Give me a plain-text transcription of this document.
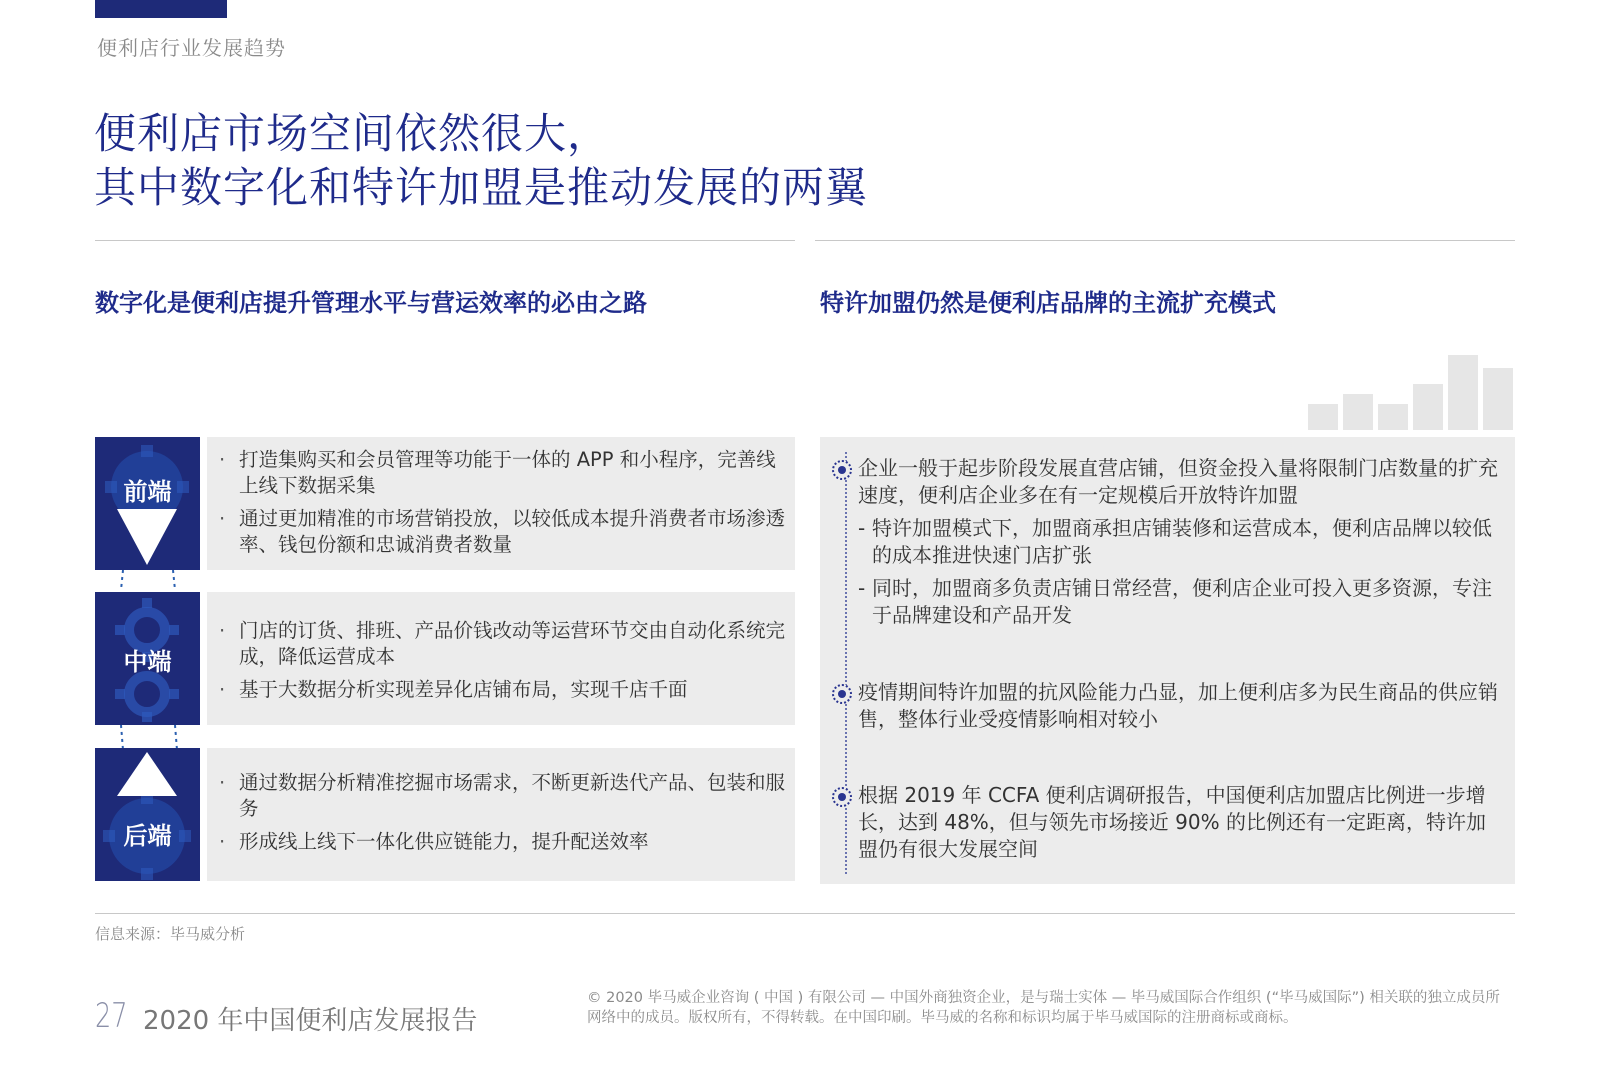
便利店行业发展趋势
便利店市场空间依然很大，
其中数字化和特许加盟是推动发展的两翼
数字化是便利店提升管理水平与营运效率的必由之路	特许加盟仍然是便利店品牌的主流扩充模式
前端
· 打造集购买和会员管理等功能于一体的 APP 和小程序，完善线上线下数据采集
· 通过更加精准的市场营销投放，以较低成本提升消费者市场渗透率、钱包份额和忠诚消费者数量
中端
· 门店的订货、排班、产品价钱改动等运营环节交由自动化系统完成，降低运营成本
· 基于大数据分析实现差异化店铺布局，实现千店千面
后端
· 通过数据分析精准挖掘市场需求，不断更新迭代产品、包装和服务
· 形成线上线下一体化供应链能力，提升配送效率
企业一般于起步阶段发展直营店铺，但资金投入量将限制门店数量的扩充速度，便利店企业多在有一定规模后开放特许加盟
- 特许加盟模式下，加盟商承担店铺装修和运营成本，便利店品牌以较低的成本推进快速门店扩张
- 同时，加盟商多负责店铺日常经营，便利店企业可投入更多资源，专注于品牌建设和产品开发
疫情期间特许加盟的抗风险能力凸显，加上便利店多为民生商品的供应销售，整体行业受疫情影响相对较小
根据 2019 年 CCFA 便利店调研报告，中国便利店加盟店比例进一步增长，达到 48%，但与领先市场接近 90% 的比例还有一定距离，特许加盟仍有很大发展空间
信息来源：毕马威分析
27 2020 年中国便利店发展报告
© 2020 毕马威企业咨询 ( 中国 ) 有限公司 — 中国外商独资企业，是与瑞士实体 — 毕马威国际合作组织 (“毕马威国际”) 相关联的独立成员所网络中的成员。版权所有，不得转载。在中国印刷。毕马威的名称和标识均属于毕马威国际的注册商标或商标。
